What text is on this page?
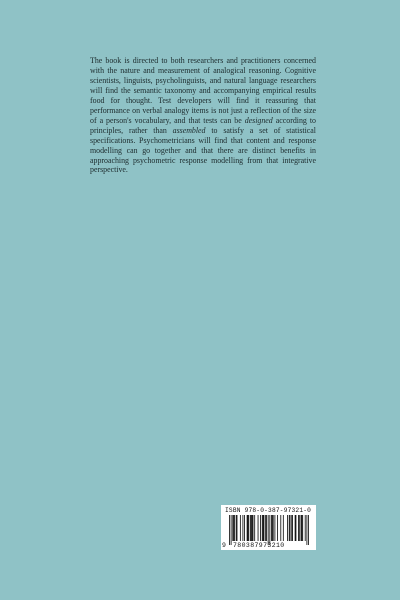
The book is directed to both researchers and practitioners concerned with the nature and measurement of analogical reasoning. Cognitive scientists, linguists, psycholinguists, and natural language researchers will find the semantic taxonomy and accompanying empirical results food for thought. Test developers will find it reassuring that performance on verbal analogy items is not just a reflection of the size of a person's vocabulary, and that tests can be designed according to principles, rather than assembled to satisfy a set of statistical specifications. Psychometricians will find that content and response modelling can go together and that there are distinct benefits in approaching psychometric response modelling from that integrative perspective.

ISBN 978-0-387-97321-0
9 780387973210
